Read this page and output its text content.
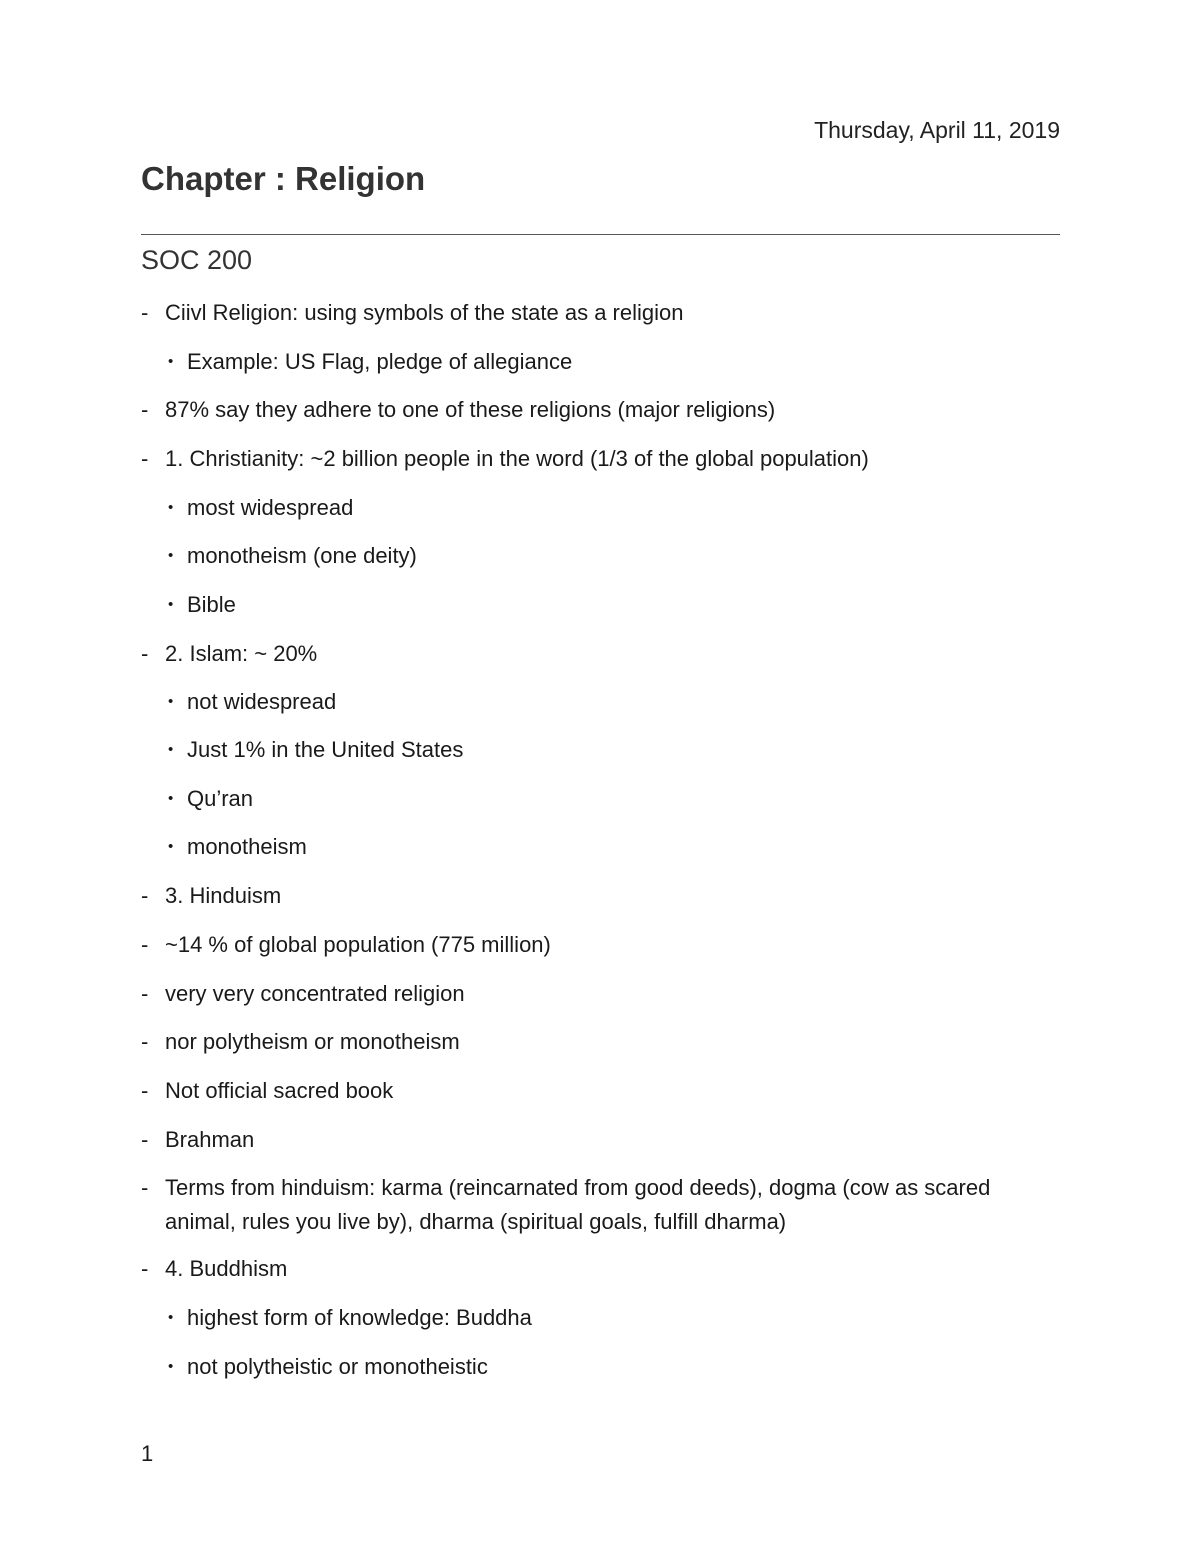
Thursday, April 11, 2019
Chapter : Religion
SOC 200
- Ciivl Religion: using symbols of the state as a religion
• Example: US Flag, pledge of allegiance
- 87% say they adhere to one of these religions (major religions)
- 1. Christianity: ~2 billion people in the word (1/3 of the global population)
• most widespread
• monotheism (one deity)
• Bible
- 2. Islam: ~ 20%
• not widespread
• Just 1% in the United States
• Qu’ran
• monotheism
- 3. Hinduism
- ~14 % of global population (775 million)
- very very concentrated religion
- nor polytheism or monotheism
- Not official sacred book
- Brahman
- Terms from hinduism: karma (reincarnated from good deeds), dogma (cow as scared animal, rules you live by), dharma (spiritual goals, fulfill dharma)
- 4. Buddhism
• highest form of knowledge: Buddha
• not polytheistic or monotheistic
1
